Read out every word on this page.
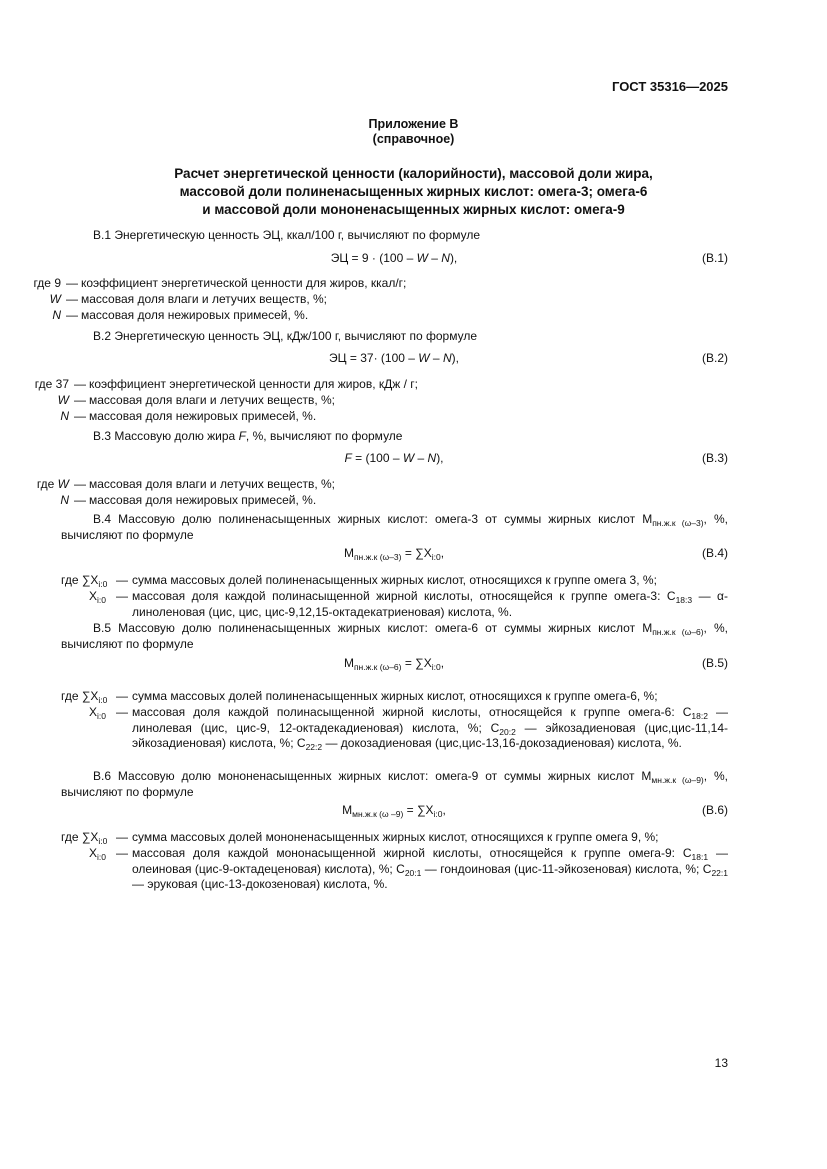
ГОСТ 35316—2025
Приложение В
(справочное)
Расчет энергетической ценности (калорийности), массовой доли жира,
массовой доли полиненасыщенных жирных кислот: омега-3; омега-6
и массовой доли мононенасыщенных жирных кислот: омега-9
В.1 Энергетическую ценность ЭЦ, ккал/100 г, вычисляют по формуле
ЭЦ = 9 · (100 – W – N),	(В.1)
где 9 — коэффициент энергетической ценности для жиров, ккал/г;
W — массовая доля влаги и летучих веществ, %;
N — массовая доля нежировых примесей, %.
В.2 Энергетическую ценность ЭЦ, кДж/100 г, вычисляют по формуле
ЭЦ = 37· (100 – W – N),	(В.2)
где 37 — коэффициент энергетической ценности для жиров, кДж / г;
W — массовая доля влаги и летучих веществ, %;
N — массовая доля нежировых примесей, %.
В.3 Массовую долю жира F, %, вычисляют по формуле
F = (100 – W – N),	(В.3)
где W — массовая доля влаги и летучих веществ, %;
N — массовая доля нежировых примесей, %.
В.4 Массовую долю полиненасыщенных жирных кислот: омега-3 от суммы жирных кислот $М_{пн.ж.к (\omega-3)}$, %, вычисляют по формуле
$М_{пн.ж.к (\omega-3)} = \sum X_{i:0}$,	(В.4)
где $\sum X_{i:0}$ — сумма массовых долей полиненасыщенных жирных кислот, относящихся к группе омега 3, %;
$X_{i:0}$ — массовая доля каждой полинасыщенной жирной кислоты, относящейся к группе омега-3: $С_{18:3}$ — α-линоленовая (цис, цис, цис-9,12,15-октадекатриеновая) кислота, %.
В.5 Массовую долю полиненасыщенных жирных кислот: омега-6 от суммы жирных кислот $М_{пн.ж.к (\omega-6)}$, %, вычисляют по формуле
$М_{пн.ж.к (\omega-6)} = \sum X_{i:0}$,	(В.5)
где $\sum X_{i:0}$ — сумма массовых долей полиненасыщенных жирных кислот, относящихся к группе омега-6, %;
$X_{i:0}$ — массовая доля каждой полинасыщенной жирной кислоты, относящейся к группе омега-6: $С_{18:2}$ — линолевая (цис, цис-9, 12-октадекадиеновая) кислота, %; $С_{20:2}$ — эйкозадиеновая (цис,цис-11,14-эйкозадиеновая) кислота, %; $С_{22:2}$ — докозадиеновая (цис,цис-13,16-докозадиеновая) кислота, %.
В.6 Массовую долю мононенасыщенных жирных кислот: омега-9 от суммы жирных кислот $М_{мн.ж.к (\omega-9)}$, %, вычисляют по формуле
$М_{мн.ж.к (\omega -9)} = \sum X_{i:0}$,	(В.6)
где $\sum X_{i:0}$ — сумма массовых долей мононенасыщенных жирных кислот, относящихся к группе омега 9, %;
$X_{i:0}$ — массовая доля каждой мононасыщенной жирной кислоты, относящейся к группе омега-9: $С_{18:1}$ — олеиновая (цис-9-октадеценовая) кислота), %; $С_{20:1}$ — гондоиновая (цис-11-эйкозеновая) кислота, %; $С_{22:1}$ — эруковая (цис-13-докозеновая) кислота, %.
13
